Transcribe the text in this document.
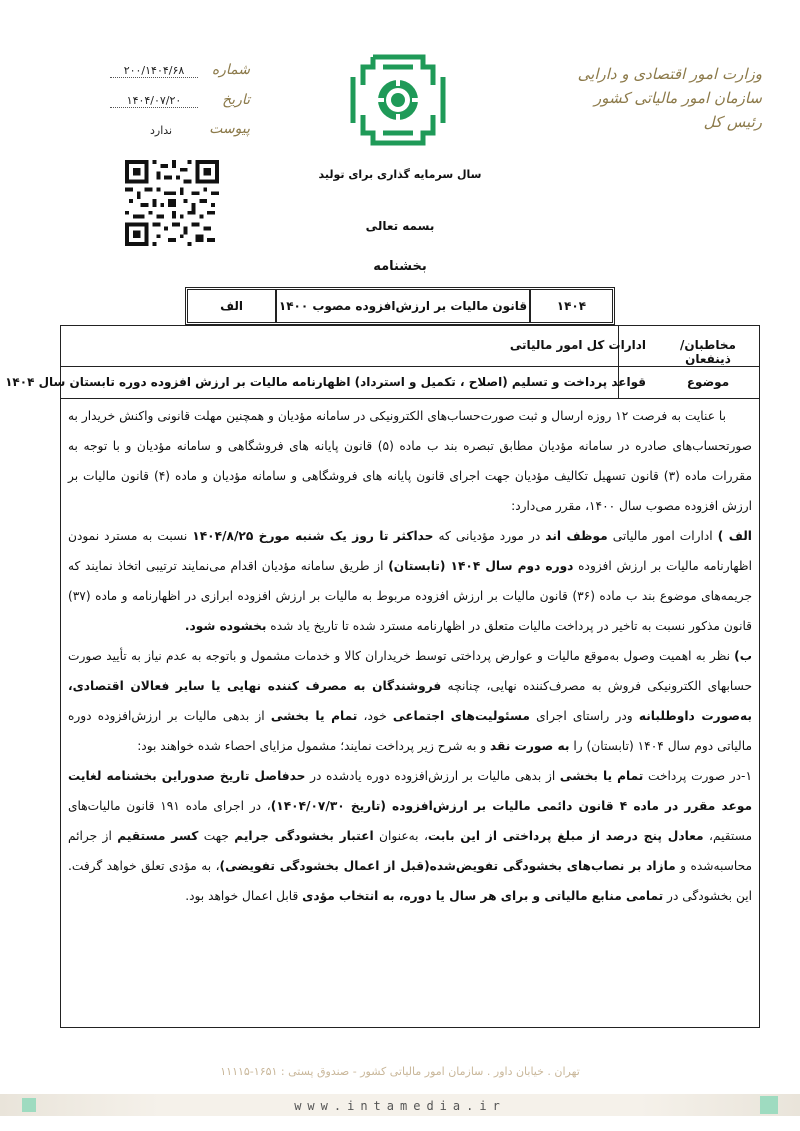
وزارت امور اقتصادی و دارایی
سازمان امور مالیاتی کشور
رئیس کل
شماره
۲۰۰/۱۴۰۴/۶۸
تاریخ
۱۴۰۴/۰۷/۲۰
پیوست
ندارد
سال سرمایه گذاری برای تولید
بسمه تعالی
بخشنامه
۱۴۰۴
قانون مالیات بر ارزش‌افزوده مصوب ۱۴۰۰
الف
مخاطبان/ ذینفعان
ادارات کل امور مالیاتی
موضوع
قواعد پرداخت و تسلیم (اصلاح ، تکمیل و استرداد) اظهارنامه مالیات بر ارزش افزوده دوره تابستان سال ۱۴۰۴

با عنایت به فرصت ۱۲ روزه ارسال و ثبت صورت‌حساب‌های الکترونیکی در سامانه مؤدیان و همچنین مهلت قانونی واکنش خریدار به صورتحساب‌های صادره در سامانه مؤدیان مطابق تبصره بند ب ماده (۵) قانون پایانه های فروشگاهی و سامانه مؤدیان و با توجه به مقررات ماده (۳) قانون تسهیل تکالیف مؤدیان جهت اجرای قانون پایانه های فروشگاهی و سامانه مؤدیان و ماده (۴) قانون مالیات بر ارزش افزوده مصوب سال ۱۴۰۰، مقرر می‌دارد:

الف ) ادارات امور مالیاتی موظف اند در مورد مؤدیانی که حداکثر تا روز یک شنبه مورخ ۱۴۰۴/۸/۲۵ نسبت به مسترد نمودن اظهارنامه مالیات بر ارزش افزوده دوره دوم سال ۱۴۰۴ (تابستان) از طریق سامانه مؤدیان اقدام می‌نمایند ترتیبی اتخاذ نمایند که جریمه‌های موضوع بند ب ماده (۳۶) قانون مالیات بر ارزش افزوده مربوط به مالیات بر ارزش افزوده ابرازی در اظهارنامه و ماده (۳۷) قانون مذکور نسبت به تاخیر در پرداخت مالیات متعلق در اظهارنامه مسترد شده تا تاریخ یاد شده بخشوده شود.

ب) نظر به اهمیت وصول به‌موقع مالیات و عوارض پرداختی توسط خریداران کالا و خدمات مشمول و باتوجه به عدم نیاز به تأیید صورت حسابهای الکترونیکی فروش به مصرف‌کننده نهایی، چنانچه فروشندگان به مصرف کننده نهایی یا سایر فعالان اقتصادی، به‌صورت داوطلبانه ودر راستای اجرای مسئولیت‌های اجتماعی خود، تمام یا بخشی از بدهی مالیات بر ارزش‌افزوده دوره مالیاتی دوم سال ۱۴۰۴ (تابستان) را به صورت نقد و به شرح زیر پرداخت نمایند؛ مشمول مزایای احصاء شده خواهند بود:

۱-در صورت پرداخت تمام یا بخشی از بدهی مالیات بر ارزش‌افزوده دوره یادشده در حدفاصل تاریخ صدوراین بخشنامه لغایت موعد مقرر در ماده ۴ قانون دائمی مالیات بر ارزش‌افزوده (تاریخ ۱۴۰۴/۰۷/۳۰)، در اجرای ماده ۱۹۱ قانون مالیات‌های مستقیم، معادل پنج درصد از مبلغ پرداختی از این بابت، به‌عنوان اعتبار بخشودگی جرایم جهت کسر مستقیم از جرائم محاسبه‌شده و مازاد بر نصاب‌های بخشودگی تفویض‌شده(قبل از اعمال بخشودگی تفویضی)، به مؤدی تعلق خواهد گرفت. این بخشودگی در تمامی منابع مالیاتی و برای هر سال یا دوره، به انتخاب مؤدی قابل اعمال خواهد بود.

تهران . خیابان داور . سازمان امور مالیاتی کشور - صندوق پستی : ۱۶۵۱-۱۱۱۱۵
www.intamedia.ir
